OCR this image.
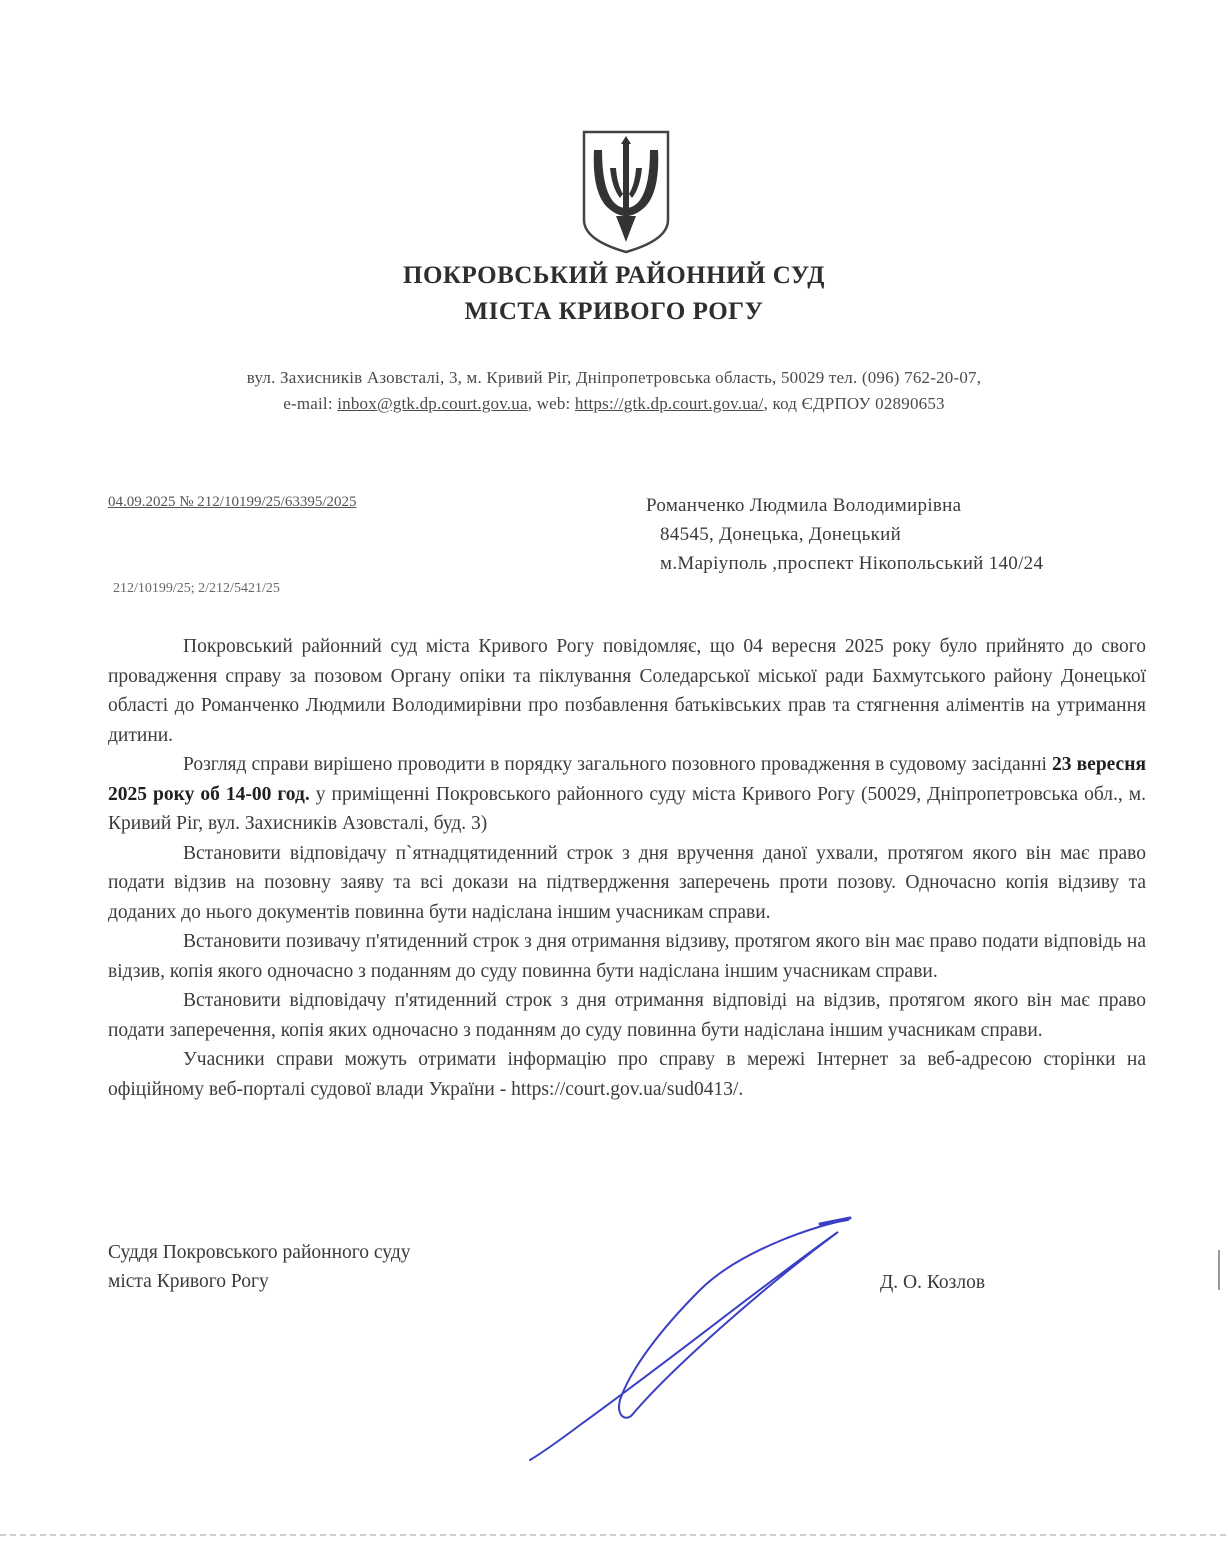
ПОКРОВСЬКИЙ РАЙОННИЙ СУД
МІСТА КРИВОГО РОГУ
вул. Захисників Азовсталі, 3, м. Кривий Ріг, Дніпропетровська область, 50029 тел. (096) 762-20-07,
e-mail: inbox@gtk.dp.court.gov.ua, web: https://gtk.dp.court.gov.ua/, код ЄДРПОУ 02890653
04.09.2025 № 212/10199/25/63395/2025
212/10199/25; 2/212/5421/25
Романченко Людмила Володимирівна
84545, Донецька, Донецький
м.Маріуполь ,проспект Нікопольський 140/24

Покровський районний суд міста Кривого Рогу повідомляє, що 04 вересня 2025 року було прийнято до свого провадження справу за позовом Органу опіки та піклування Соледарської міської ради Бахмутського району Донецької області до Романченко Людмили Володимирівни про позбавлення батьківських прав та стягнення аліментів на утримання дитини.

Розгляд справи вирішено проводити в порядку загального позовного провадження в судовому засіданні 23 вересня 2025 року об 14-00 год. у приміщенні Покровського районного суду міста Кривого Рогу (50029, Дніпропетровська обл., м. Кривий Ріг, вул. Захисників Азовсталі, буд. 3)

Встановити відповідачу п`ятнадцятиденний строк з дня вручення даної ухвали, протягом якого він має право подати відзив на позовну заяву та всі докази на підтвердження заперечень проти позову. Одночасно копія відзиву та доданих до нього документів повинна бути надіслана іншим учасникам справи.

Встановити позивачу п'ятиденний строк з дня отримання відзиву, протягом якого він має право подати відповідь на відзив, копія якого одночасно з поданням до суду повинна бути надіслана іншим учасникам справи.

Встановити відповідачу п'ятиденний строк з дня отримання відповіді на відзив, протягом якого він має право подати заперечення, копія яких одночасно з поданням до суду повинна бути надіслана іншим учасникам справи.

Учасники справи можуть отримати інформацію про справу в мережі Інтернет за веб-адресою сторінки на офіційному веб-порталі судової влади України - https://court.gov.ua/sud0413/.

Суддя Покровського районного суду
міста Кривого Рогу	Д. О. Козлов
